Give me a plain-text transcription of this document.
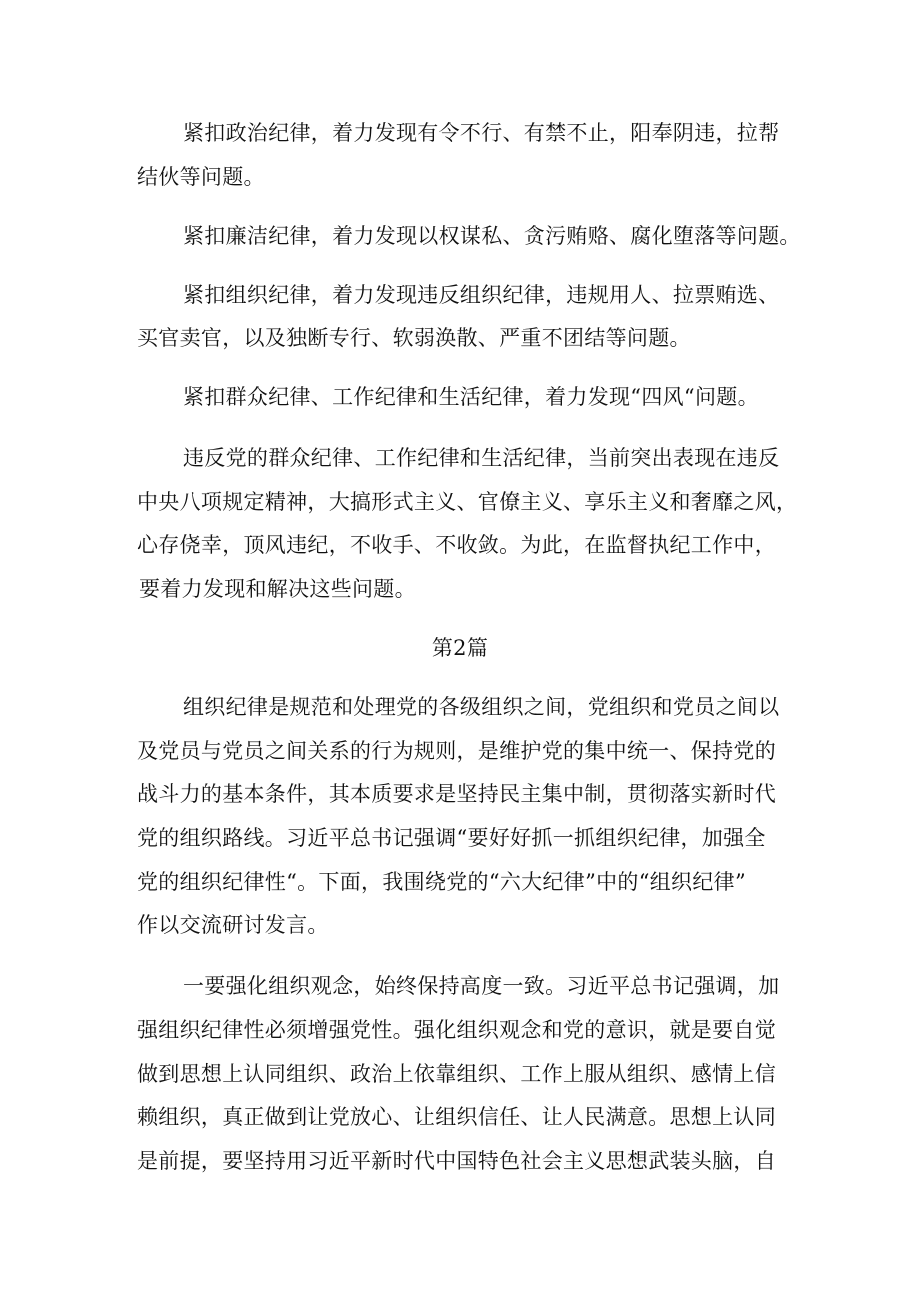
紧扣政治纪律，着力发现有令不行、有禁不止，阳奉阴违，拉帮
结伙等问题。
紧扣廉洁纪律，着力发现以权谋私、贪污贿赂、腐化堕落等问题。
紧扣组织纪律，着力发现违反组织纪律，违规用人、拉票贿选、
买官卖官，以及独断专行、软弱涣散、严重不团结等问题。
紧扣群众纪律、工作纪律和生活纪律，着力发现“四风“问题。
违反党的群众纪律、工作纪律和生活纪律，当前突出表现在违反
中央八项规定精神，大搞形式主义、官僚主义、享乐主义和奢靡之风，
心存侥幸，顶风违纪，不收手、不收敛。为此，在监督执纪工作中，
要着力发现和解决这些问题。
第2篇
组织纪律是规范和处理党的各级组织之间，党组织和党员之间以
及党员与党员之间关系的行为规则，是维护党的集中统一、保持党的
战斗力的基本条件，其本质要求是坚持民主集中制，贯彻落实新时代
党的组织路线。习近平总书记强调“要好好抓一抓组织纪律，加强全
党的组织纪律性“。下面，我围绕党的“六大纪律”中的“组织纪律”
作以交流研讨发言。
一要强化组织观念，始终保持高度一致。习近平总书记强调，加
强组织纪律性必须增强党性。强化组织观念和党的意识，就是要自觉
做到思想上认同组织、政治上依靠组织、工作上服从组织、感情上信
赖组织，真正做到让党放心、让组织信任、让人民满意。思想上认同
是前提，要坚持用习近平新时代中国特色社会主义思想武装头脑，自
